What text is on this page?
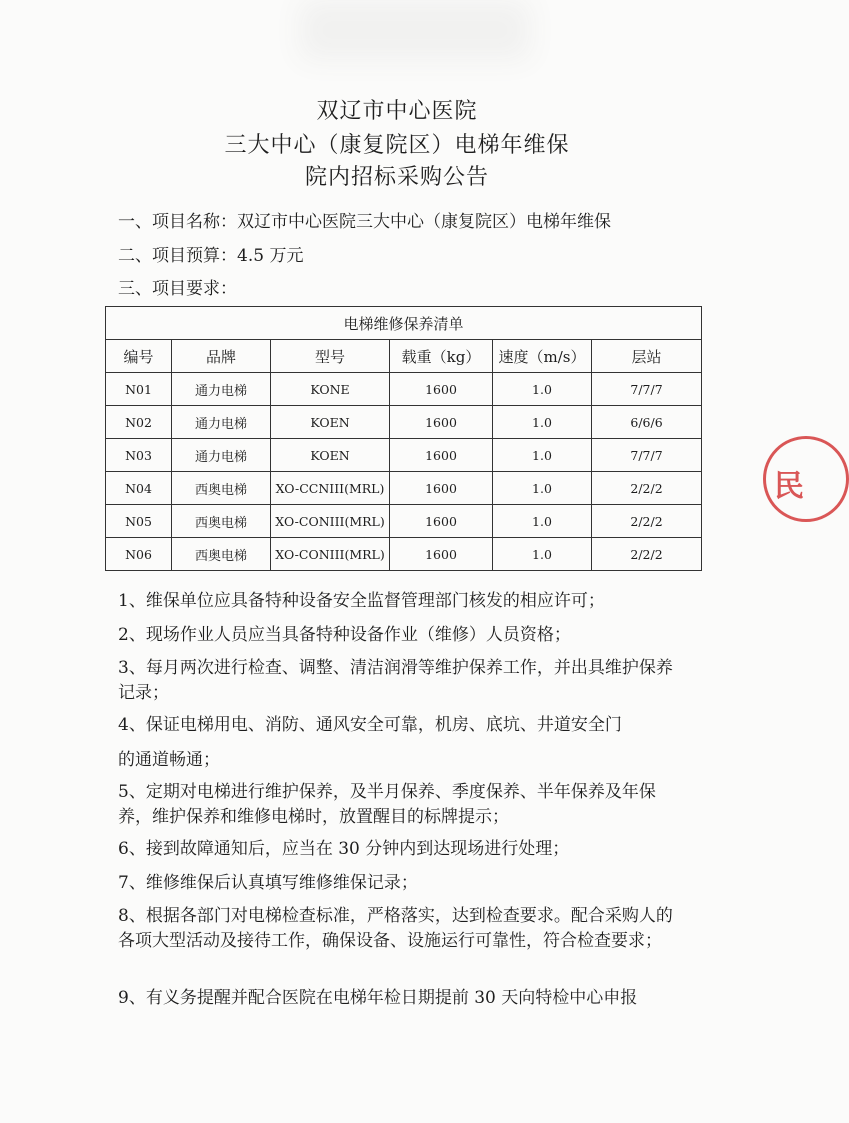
双辽市中心医院
三大中心（康复院区）电梯年维保
院内招标采购公告
一、项目名称：双辽市中心医院三大中心（康复院区）电梯年维保
二、项目预算：4.5 万元
三、项目要求：
电梯维修保养清单					
编号	品牌	型号	载重（kg）	速度（m/s）	层站
N01	通力电梯	KONE	1600	1.0	7/7/7
N02	通力电梯	KOEN	1600	1.0	6/6/6
N03	通力电梯	KOEN	1600	1.0	7/7/7
N04	西奥电梯	XO-CCNIII(MRL)	1600	1.0	2/2/2
N05	西奥电梯	XO-CONIII(MRL)	1600	1.0	2/2/2
N06	西奥电梯	XO-CONIII(MRL)	1600	1.0	2/2/2
1、维保单位应具备特种设备安全监督管理部门核发的相应许可；
2、现场作业人员应当具备特种设备作业（维修）人员资格；
3、每月两次进行检查、调整、清洁润滑等维护保养工作，并出具维护保养记录；
4、保证电梯用电、消防、通风安全可靠，机房、底坑、井道安全门
的通道畅通；
5、定期对电梯进行维护保养，及半月保养、季度保养、半年保养及年保养，维护保养和维修电梯时，放置醒目的标牌提示；
6、接到故障通知后，应当在 30 分钟内到达现场进行处理；
7、维修维保后认真填写维修维保记录；
8、根据各部门对电梯检查标准，严格落实，达到检查要求。配合采购人的各项大型活动及接待工作，确保设备、设施运行可靠性，符合检查要求；
9、有义务提醒并配合医院在电梯年检日期提前 30 天向特检中心申报
民
